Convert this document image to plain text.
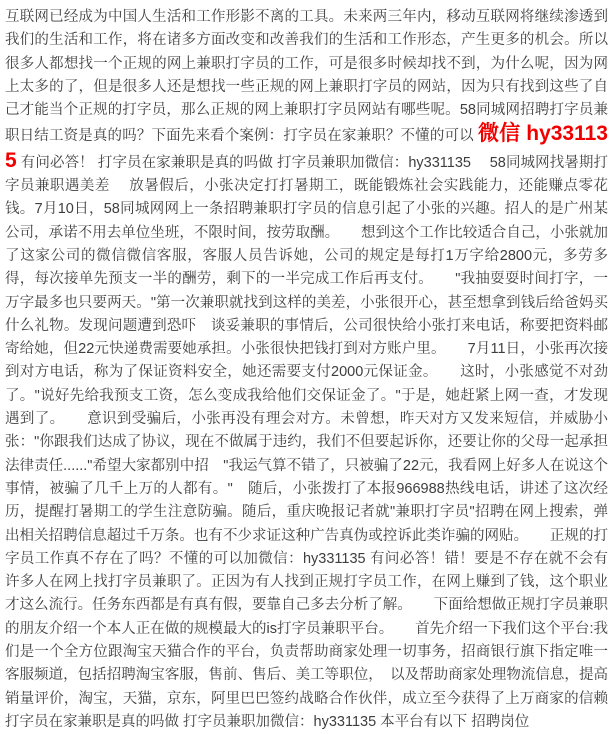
互联网已经成为中国人生活和工作形影不离的工具。未来两三年内，移动互联网将继续渗透到我们的生活和工作，将在诸多方面改变和改善我们的生活和工作形态，产生更多的机会。所以很多人都想找一个正规的网上兼职打字员的工作，可是很多时候却找不到，为什么呢，因为网上太多的了，但是很多人还是想找一些正规的网上兼职打字员的网站，因为只有找到这些了自己才能当个正规的打字员，那么正规的网上兼职打字员网站有哪些呢。58同城网招聘打字员兼职日结工资是真的吗？下面先来看个案例：打字员在家兼职？不懂的可以 微信 hy331135 有问必答！ 打字员在家兼职是真的吗做 打字员兼职加微信：hy331135　 58同城网找暑期打字员兼职遇美差　 放暑假后，小张决定打打暑期工，既能锻炼社会实践能力，还能赚点零花钱。7月10日，58同城网网上一条招聘兼职打字员的信息引起了小张的兴趣。招人的是广州某公司，承诺不用去单位坐班，不限时间，按劳取酬。　　想到这个工作比较适合自己，小张就加了这家公司的微信微信客服，客服人员告诉她，公司的规定是每打1万字给2800元，多劳多得，每次接单先预支一半的酬劳，剩下的一半完成工作后再支付。　　"我抽耍耍时间打字，一万字最多也只要两天。"第一次兼职就找到这样的美差，小张很开心，甚至想拿到钱后给爸妈买什么礼物。发现问题遭到恐吓　谈妥兼职的事情后，公司很快给小张打来电话，称要把资料邮寄给她，但22元快递费需要她承担。小张很快把钱打到对方账户里。　　7月11日，小张再次接到对方电话，称为了保证资料安全，她还需要支付2000元保证金。　　这时，小张感觉不对劲了。"说好先给我预支工资，怎么变成我给他们交保证金了。"于是，她赶紧上网一查，才发现遇到了。　　意识到受骗后，小张再没有理会对方。未曾想，昨天对方又发来短信，并威胁小张："你跟我们达成了协议，现在不做属于违约，我们不但要起诉你，还要让你的父母一起承担法律责任......"希望大家都别中招　"我运气算不错了，只被骗了22元，我看网上好多人在说这个事情，被骗了几千上万的人都有。"　随后，小张拨打了本报966988热线电话，讲述了这次经历，提醒打暑期工的学生注意防骗。随后，重庆晚报记者就"兼职打字员"招聘在网上搜索，弹出相关招聘信息超过千万条。也有不少求证这种广告真伪或控诉此类诈骗的网贴。　　正规的打字员工作真不存在了吗？不懂的可以加微信：hy331135 有问必答！错！要是不存在就不会有许多人在网上找打字员兼职了。正因为有人找到正规打字员工作，在网上赚到了钱，这个职业才这么流行。任务东西都是有真有假，要靠自己多去分析了解。　　下面给想做正规打字员兼职的朋友介绍一个本人正在做的规模最大的is打字员兼职平台。　　首先介绍一下我们这个平台:我们是一个全方位跟淘宝天猫合作的平台，负责帮助商家处理一切事务，招商银行旗下指定唯一客服频道，包括招聘淘宝客服，售前、售后、美工等职位，　以及帮助商家处理物流信息，提高销量评价，淘宝，天猫，京东，阿里巴巴签约战略合作伙伴，成立至今获得了上万商家的信赖 打字员在家兼职是真的吗做 打字员兼职加微信：hy331135 本平台有以下 招聘岗位
